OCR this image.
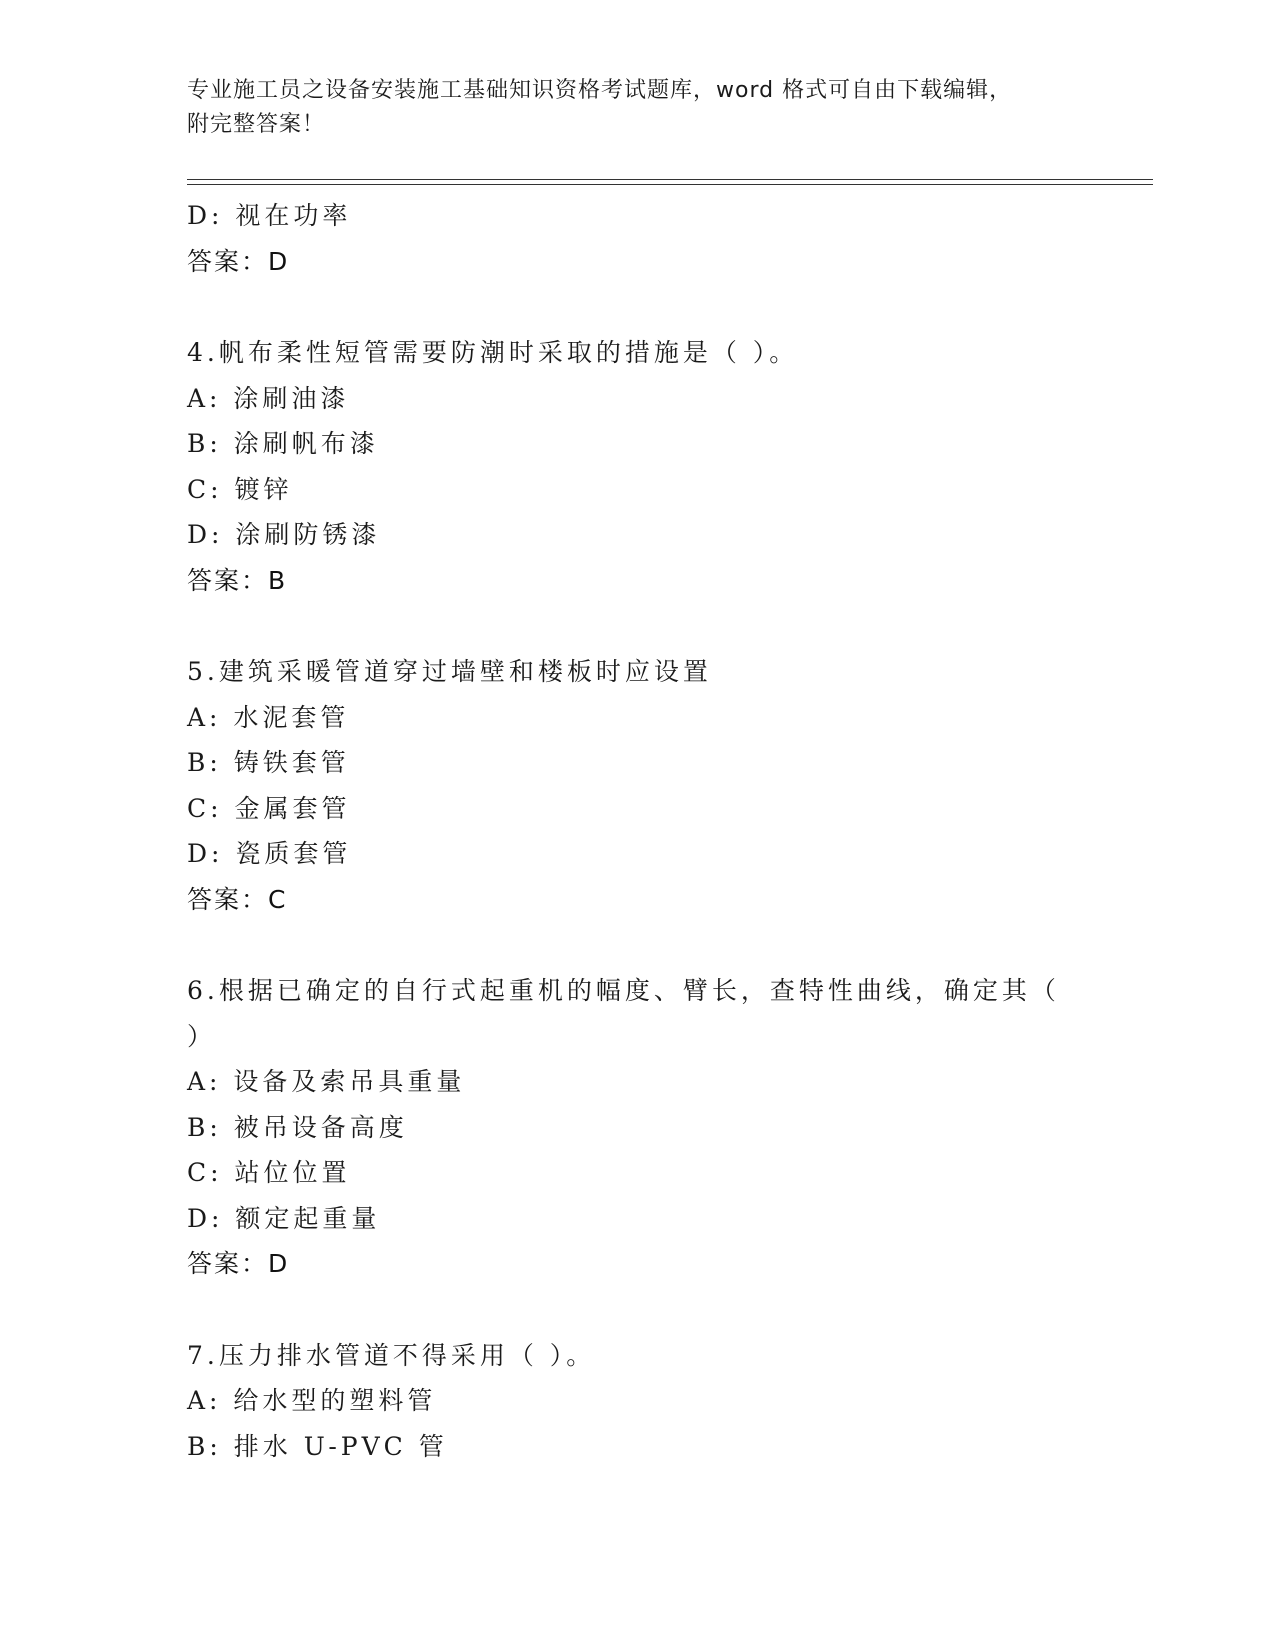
专业施工员之设备安装施工基础知识资格考试题库，word 格式可自由下载编辑，
附完整答案！
D: 视在功率
答案：D
4.帆布柔性短管需要防潮时采取的措施是（ ）。
A: 涂刷油漆
B: 涂刷帆布漆
C: 镀锌
D: 涂刷防锈漆
答案：B
5.建筑采暖管道穿过墙壁和楼板时应设置
A: 水泥套管
B: 铸铁套管
C: 金属套管
D: 瓷质套管
答案：C
6.根据已确定的自行式起重机的幅度、臂长，查特性曲线，确定其（
）
A: 设备及索吊具重量
B: 被吊设备高度
C: 站位位置
D: 额定起重量
答案：D
7.压力排水管道不得采用（ ）。
A: 给水型的塑料管
B: 排水 U-PVC 管
